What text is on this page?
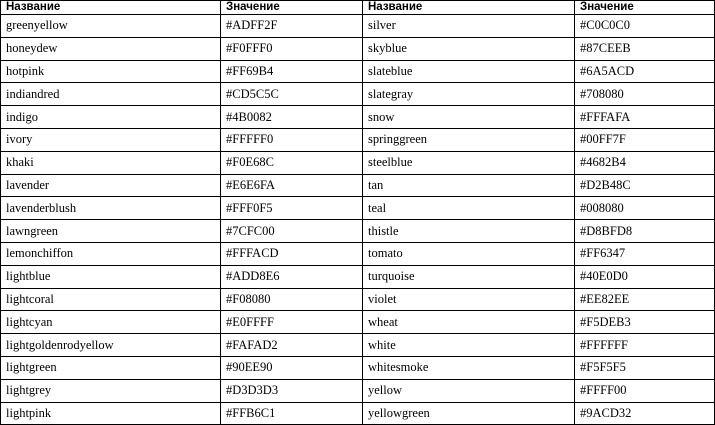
Название	Значение	Название	Значение
greenyellow	#ADFF2F	silver	#C0C0C0
honeydew	#F0FFF0	skyblue	#87CEEB
hotpink	#FF69B4	slateblue	#6A5ACD
indiandred	#CD5C5C	slategray	#708080
indigo	#4B0082	snow	#FFFAFA
ivory	#FFFFF0	springgreen	#00FF7F
khaki	#F0E68C	steelblue	#4682B4
lavender	#E6E6FA	tan	#D2B48C
lavenderblush	#FFF0F5	teal	#008080
lawngreen	#7CFC00	thistle	#D8BFD8
lemonchiffon	#FFFACD	tomato	#FF6347
lightblue	#ADD8E6	turquoise	#40E0D0
lightcoral	#F08080	violet	#EE82EE
lightcyan	#E0FFFF	wheat	#F5DEB3
lightgoldenrodyellow	#FAFAD2	white	#FFFFFF
lightgreen	#90EE90	whitesmoke	#F5F5F5
lightgrey	#D3D3D3	yellow	#FFFF00
lightpink	#FFB6C1	yellowgreen	#9ACD32
